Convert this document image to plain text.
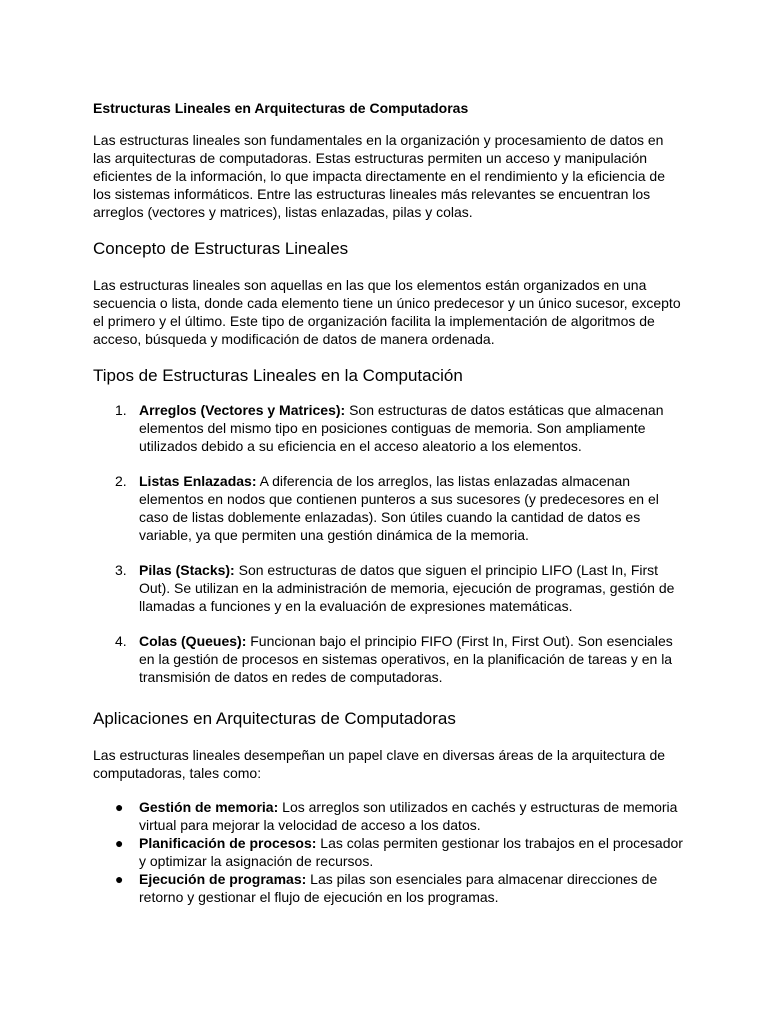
Estructuras Lineales en Arquitecturas de Computadoras

Las estructuras lineales son fundamentales en la organización y procesamiento de datos en las arquitecturas de computadoras. Estas estructuras permiten un acceso y manipulación eficientes de la información, lo que impacta directamente en el rendimiento y la eficiencia de los sistemas informáticos. Entre las estructuras lineales más relevantes se encuentran los arreglos (vectores y matrices), listas enlazadas, pilas y colas.

Concepto de Estructuras Lineales

Las estructuras lineales son aquellas en las que los elementos están organizados en una secuencia o lista, donde cada elemento tiene un único predecesor y un único sucesor, excepto el primero y el último. Este tipo de organización facilita la implementación de algoritmos de acceso, búsqueda y modificación de datos de manera ordenada.

Tipos de Estructuras Lineales en la Computación
1. Arreglos (Vectores y Matrices): Son estructuras de datos estáticas que almacenan elementos del mismo tipo en posiciones contiguas de memoria. Son ampliamente utilizados debido a su eficiencia en el acceso aleatorio a los elementos.
2. Listas Enlazadas: A diferencia de los arreglos, las listas enlazadas almacenan elementos en nodos que contienen punteros a sus sucesores (y predecesores en el caso de listas doblemente enlazadas). Son útiles cuando la cantidad de datos es variable, ya que permiten una gestión dinámica de la memoria.
3. Pilas (Stacks): Son estructuras de datos que siguen el principio LIFO (Last In, First Out). Se utilizan en la administración de memoria, ejecución de programas, gestión de llamadas a funciones y en la evaluación de expresiones matemáticas.
4. Colas (Queues): Funcionan bajo el principio FIFO (First In, First Out). Son esenciales en la gestión de procesos en sistemas operativos, en la planificación de tareas y en la transmisión de datos en redes de computadoras.
Aplicaciones en Arquitecturas de Computadoras

Las estructuras lineales desempeñan un papel clave en diversas áreas de la arquitectura de computadoras, tales como:

● Gestión de memoria: Los arreglos son utilizados en cachés y estructuras de memoria virtual para mejorar la velocidad de acceso a los datos.
● Planificación de procesos: Las colas permiten gestionar los trabajos en el procesador y optimizar la asignación de recursos.
● Ejecución de programas: Las pilas son esenciales para almacenar direcciones de retorno y gestionar el flujo de ejecución en los programas.
